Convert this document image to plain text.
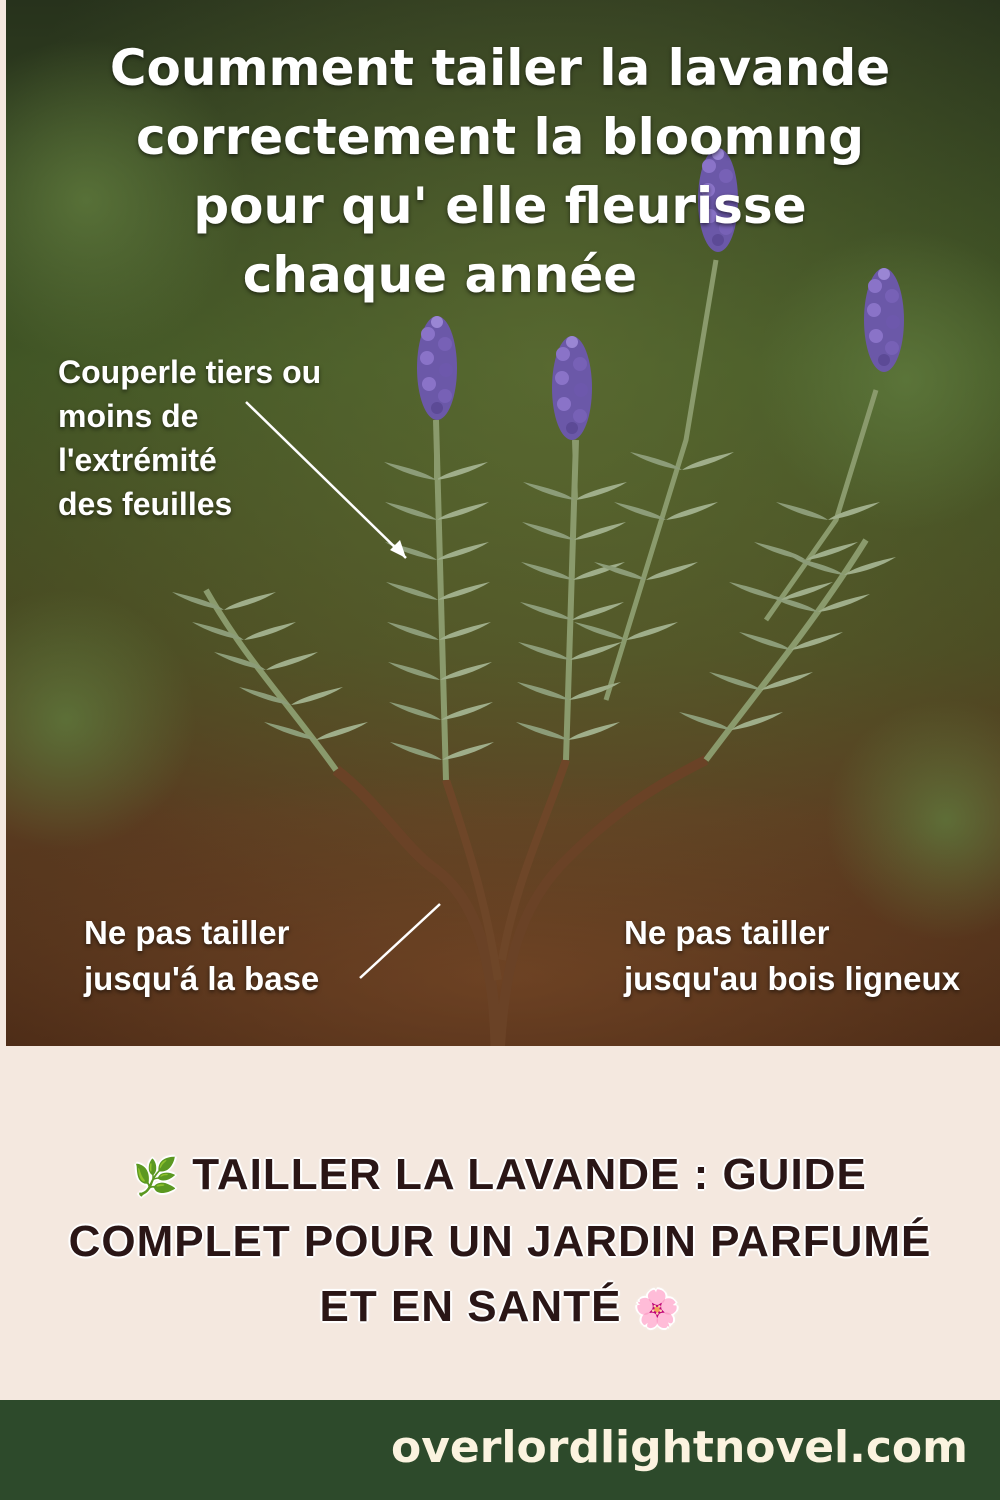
Coumment tailer la lavande
correctement la bloomıng
pour qu' elle fleurisse
chaque année
Couperle tiers ou
moins de
l'extrémité
des feuilles
Ne pas tailler
jusqu'á la base
Ne pas tailler
jusqu'au bois ligneux
🌿 TAILLER LA LAVANDE : GUIDE
COMPLET POUR UN JARDIN PARFUMÉ
ET EN SANTÉ 🌸
overlordlightnovel.com
